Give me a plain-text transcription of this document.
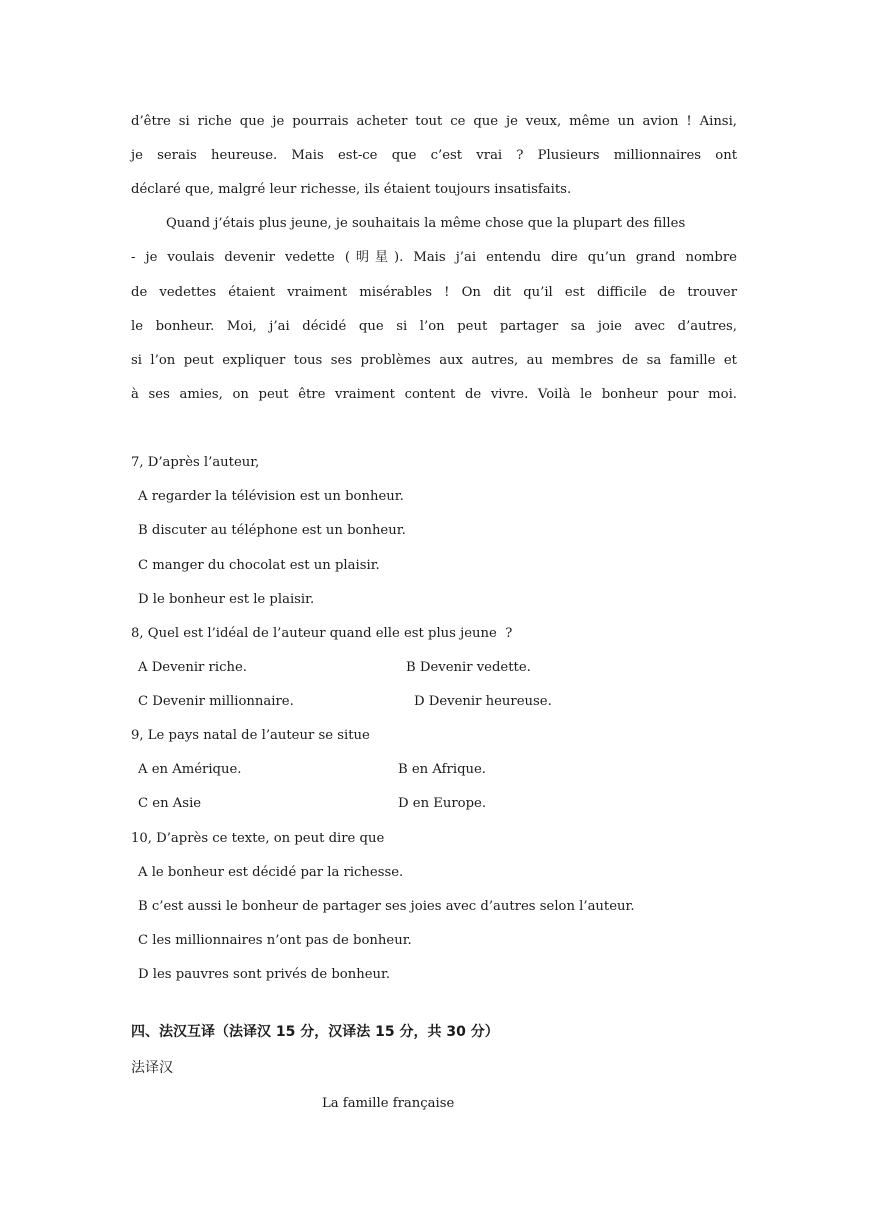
d’être si riche que je pourrais acheter tout ce que je veux, même un avion ! Ainsi,
je serais heureuse. Mais est-ce que c’est vrai ? Plusieurs millionnaires ont
déclaré que, malgré leur richesse, ils étaient toujours insatisfaits.
Quand j’étais plus jeune, je souhaitais la même chose que la plupart des filles
- je voulais devenir vedette (明星). Mais j’ai entendu dire qu’un grand nombre
de vedettes étaient vraiment misérables ! On dit qu’il est difficile de trouver
le bonheur. Moi, j’ai décidé que si l’on peut partager sa joie avec d’autres,
si l’on peut expliquer tous ses problèmes aux autres, au membres de sa famille et
à ses amies, on peut être vraiment content de vivre. Voilà le bonheur pour moi.
7, D’après l’auteur,
A regarder la télévision est un bonheur.
B discuter au téléphone est un bonheur.
C manger du chocolat est un plaisir.
D le bonheur est le plaisir.
8, Quel est l’idéal de l’auteur quand elle est plus jeune  ?
A Devenir riche.	B Devenir vedette.
C Devenir millionnaire.	D Devenir heureuse.
9, Le pays natal de l’auteur se situe
A en Amérique.	B en Afrique.
C en Asie	D en Europe.
10, D’après ce texte, on peut dire que
A le bonheur est décidé par la richesse.
B c’est aussi le bonheur de partager ses joies avec d’autres selon l’auteur.
C les millionnaires n’ont pas de bonheur.
D les pauvres sont privés de bonheur.
四、法汉互译（法译汉 15 分，汉译法 15 分，共 30 分）
法译汉
La famille française
